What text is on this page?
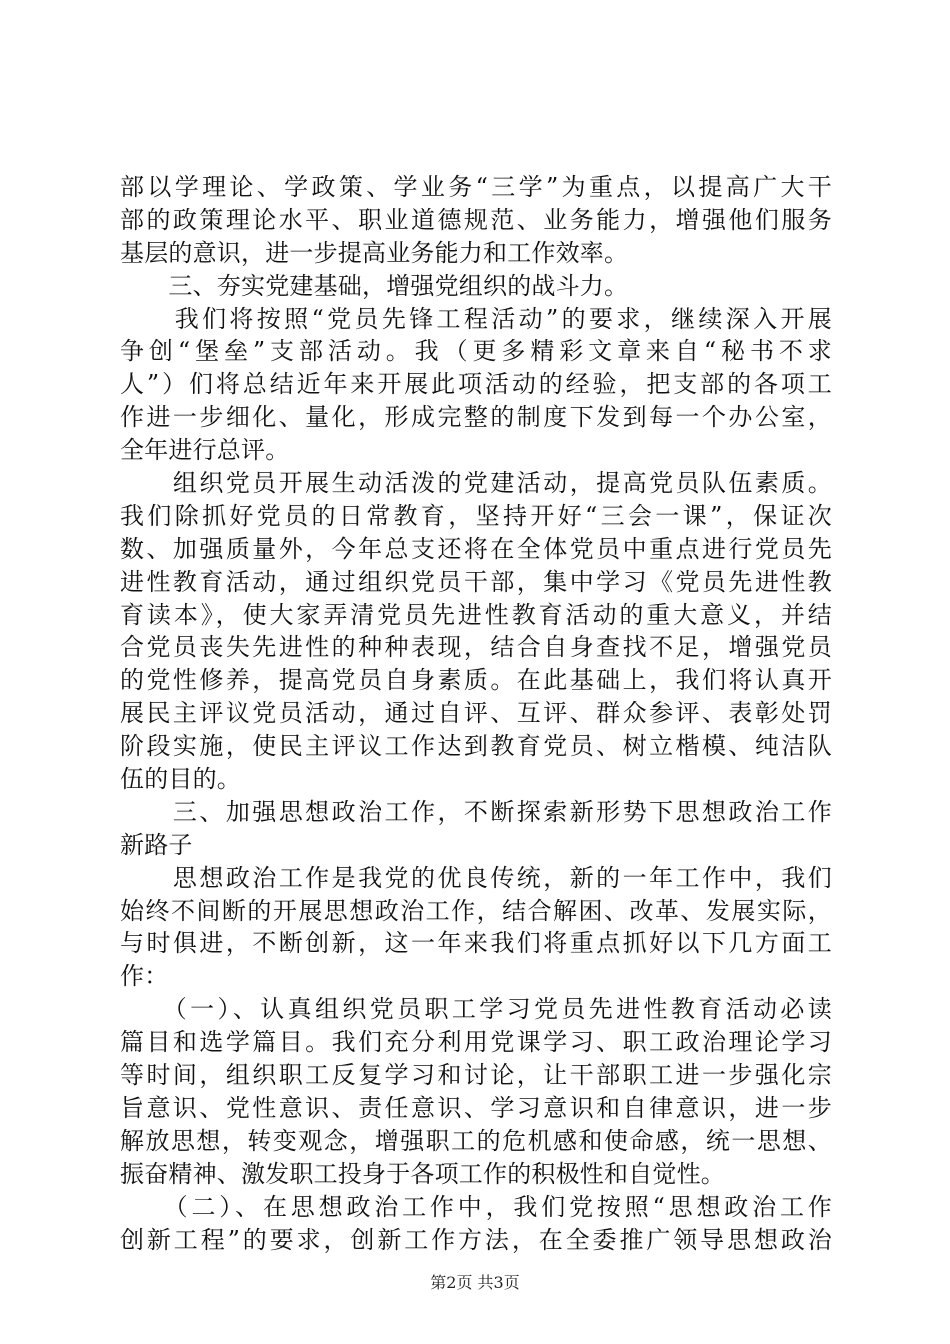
部以学理论、学政策、学业务“三学”为重点，以提高广大干
部的政策理论水平、职业道德规范、业务能力，增强他们服务
基层的意识，进一步提高业务能力和工作效率。
　　三、夯实党建基础，增强党组织的战斗力。
　　我们将按照“党员先锋工程活动”的要求，继续深入开展
争创“堡垒”支部活动。我（更多精彩文章来自“秘书不求
人”）们将总结近年来开展此项活动的经验，把支部的各项工
作进一步细化、量化，形成完整的制度下发到每一个办公室，
全年进行总评。
　　组织党员开展生动活泼的党建活动，提高党员队伍素质。
我们除抓好党员的日常教育，坚持开好“三会一课”，保证次
数、加强质量外，今年总支还将在全体党员中重点进行党员先
进性教育活动，通过组织党员干部，集中学习《党员先进性教
育读本》，使大家弄清党员先进性教育活动的重大意义，并结
合党员丧失先进性的种种表现，结合自身查找不足，增强党员
的党性修养，提高党员自身素质。在此基础上，我们将认真开
展民主评议党员活动，通过自评、互评、群众参评、表彰处罚
阶段实施，使民主评议工作达到教育党员、树立楷模、纯洁队
伍的目的。
　　三、加强思想政治工作，不断探索新形势下思想政治工作
新路子
　　思想政治工作是我党的优良传统，新的一年工作中，我们
始终不间断的开展思想政治工作，结合解困、改革、发展实际，
与时俱进，不断创新，这一年来我们将重点抓好以下几方面工
作：
　　（一）、认真组织党员职工学习党员先进性教育活动必读
篇目和选学篇目。我们充分利用党课学习、职工政治理论学习
等时间，组织职工反复学习和讨论，让干部职工进一步强化宗
旨意识、党性意识、责任意识、学习意识和自律意识，进一步
解放思想，转变观念，增强职工的危机感和使命感，统一思想、
振奋精神、激发职工投身于各项工作的积极性和自觉性。
　　（二）、在思想政治工作中，我们党按照“思想政治工作
创新工程”的要求，创新工作方法，在全委推广领导思想政治
第2页 共3页
